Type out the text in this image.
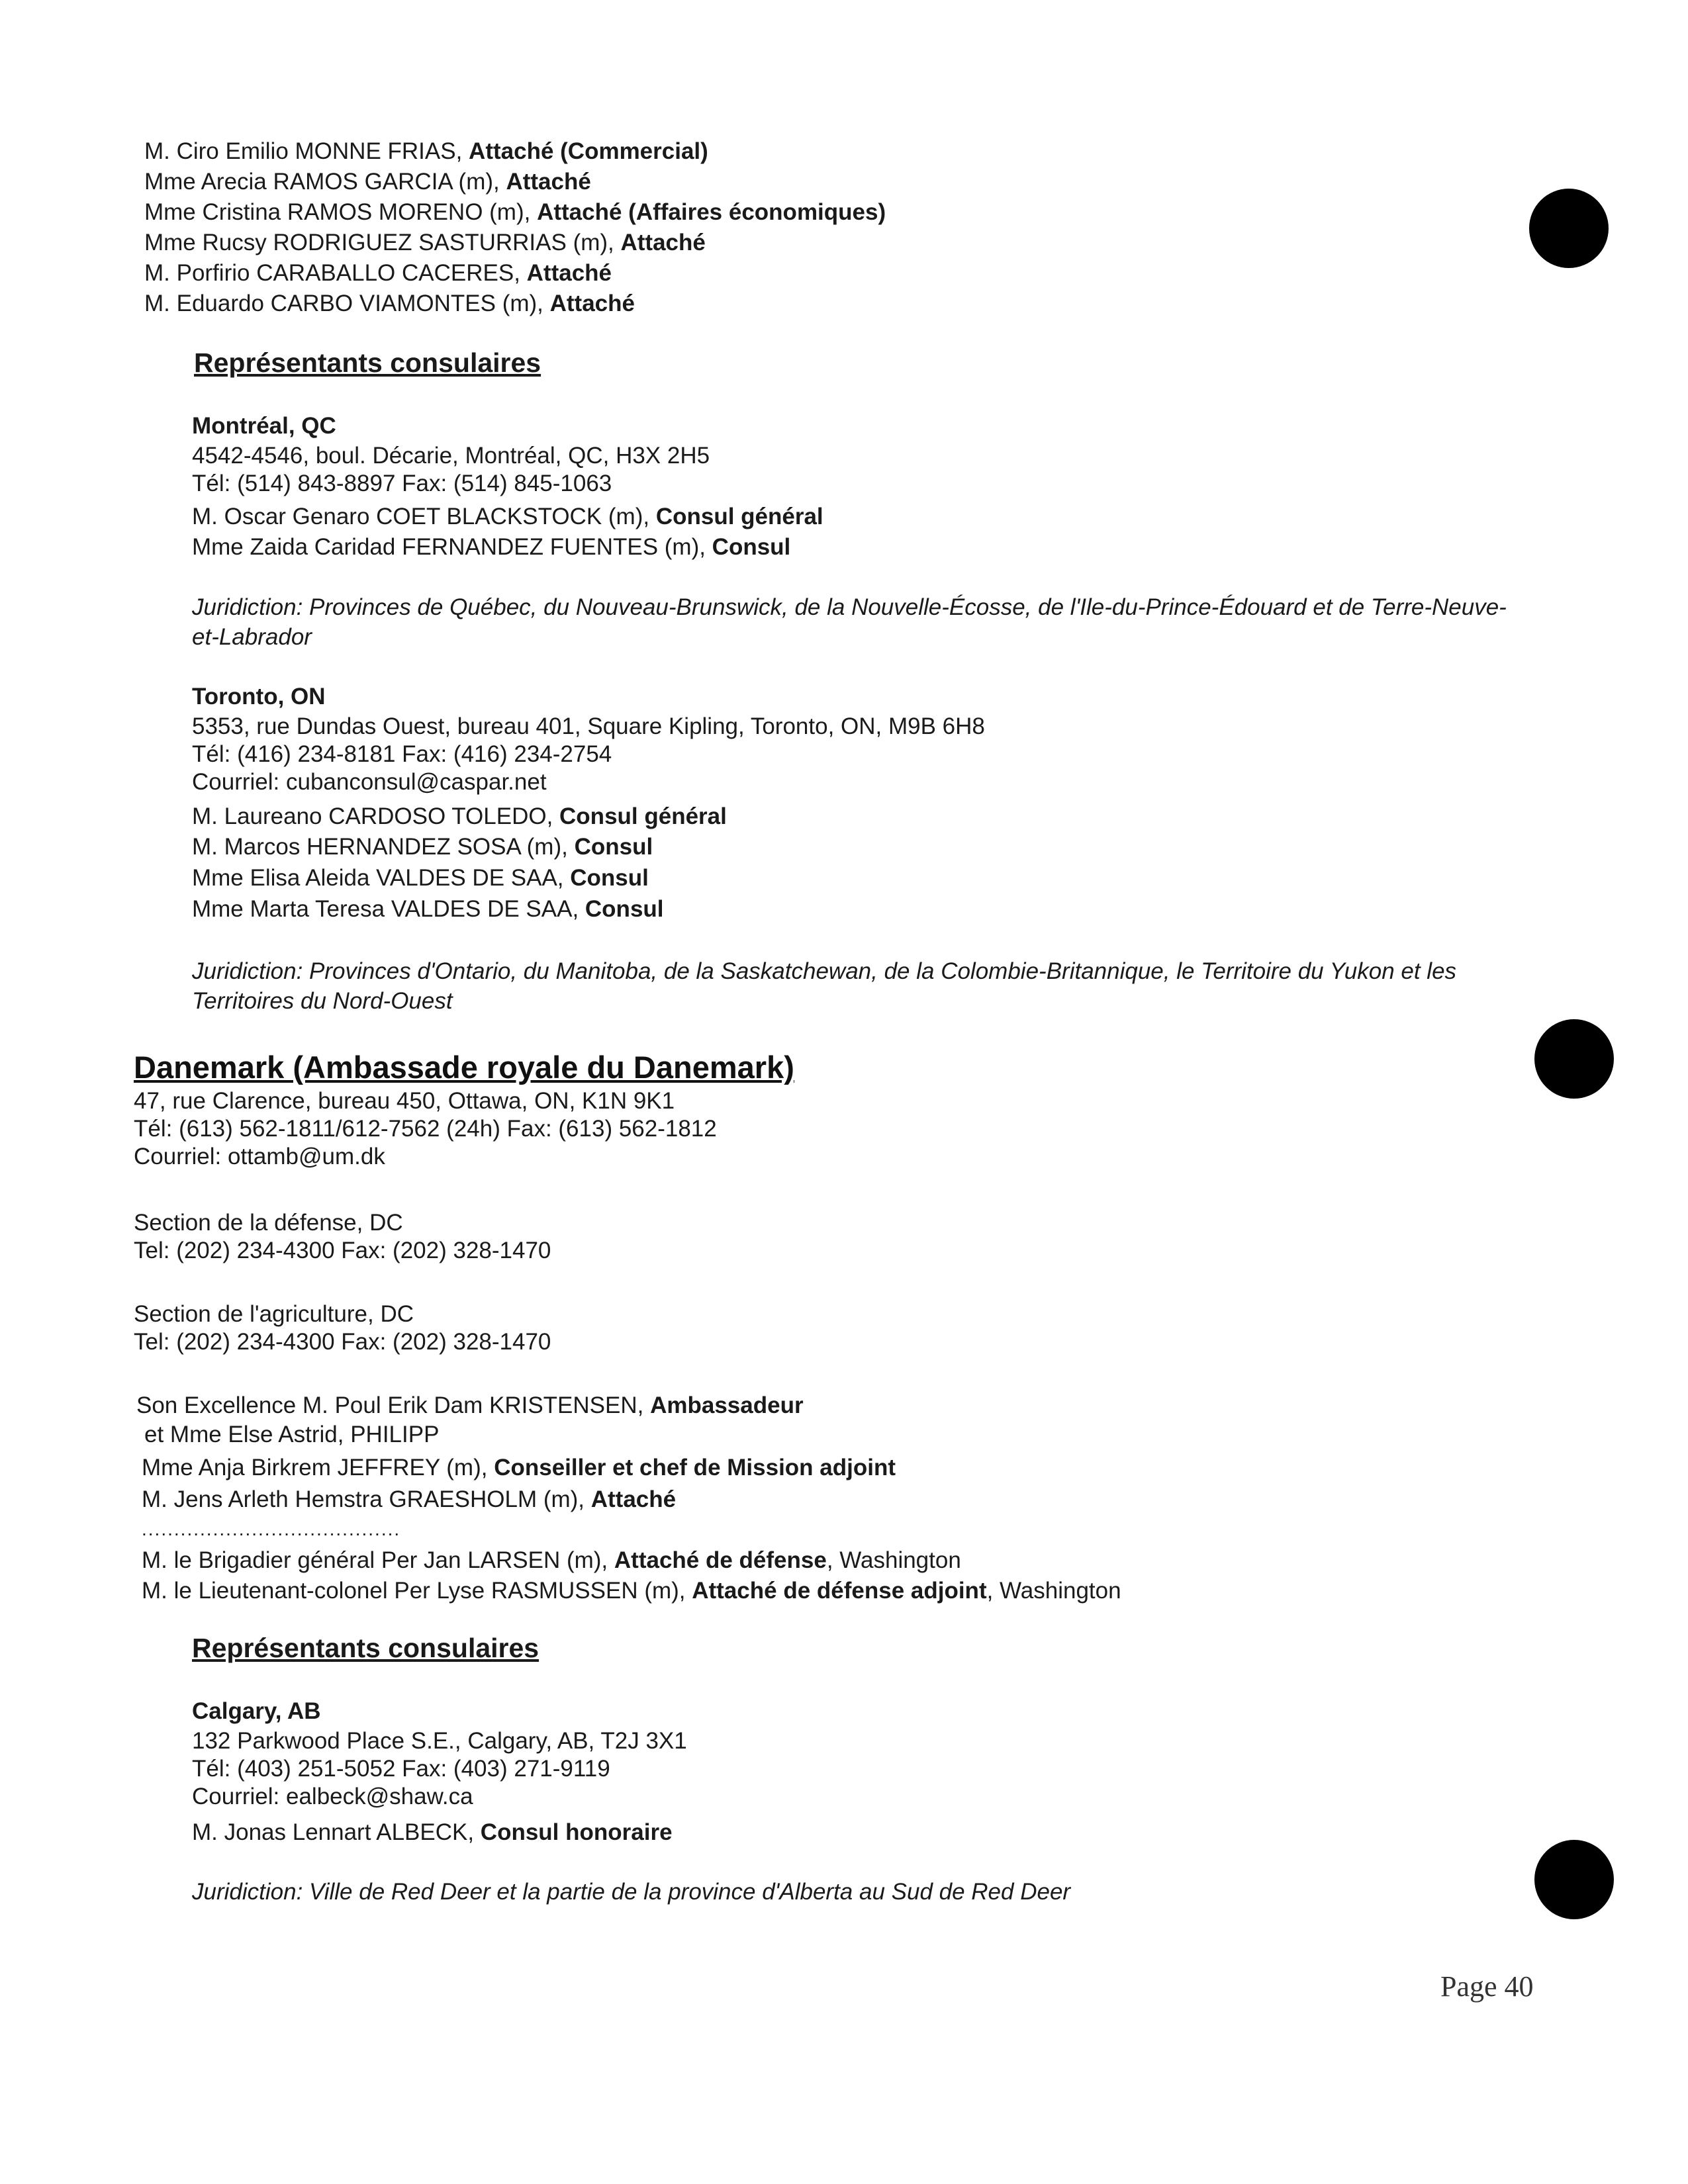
M. Ciro Emilio MONNE FRIAS, Attaché (Commercial)
Mme Arecia RAMOS GARCIA (m), Attaché
Mme Cristina RAMOS MORENO (m), Attaché (Affaires économiques)
Mme Rucsy RODRIGUEZ SASTURRIAS (m), Attaché
M. Porfirio CARABALLO CACERES, Attaché
M. Eduardo CARBO VIAMONTES (m), Attaché
Représentants consulaires
Montréal, QC
4542-4546, boul. Décarie, Montréal, QC, H3X 2H5
Tél: (514) 843-8897 Fax: (514) 845-1063
M. Oscar Genaro COET BLACKSTOCK (m), Consul général
Mme Zaida Caridad FERNANDEZ FUENTES (m), Consul
Juridiction: Provinces de Québec, du Nouveau-Brunswick, de la Nouvelle-Écosse, de l'Ile-du-Prince-Édouard et de Terre-Neuve- et-Labrador
Toronto, ON
5353, rue Dundas Ouest, bureau 401, Square Kipling, Toronto, ON, M9B 6H8
Tél: (416) 234-8181 Fax: (416) 234-2754
Courriel: cubanconsul@caspar.net
M. Laureano CARDOSO TOLEDO, Consul général
M. Marcos HERNANDEZ SOSA (m), Consul
Mme Elisa Aleida VALDES DE SAA, Consul
Mme Marta Teresa VALDES DE SAA, Consul
Juridiction: Provinces d'Ontario, du Manitoba, de la Saskatchewan, de la Colombie-Britannique, le Territoire du Yukon et les Territoires du Nord-Ouest
Danemark (Ambassade royale du Danemark)
47, rue Clarence, bureau 450, Ottawa, ON, K1N 9K1
Tél: (613) 562-1811/612-7562 (24h) Fax: (613) 562-1812
Courriel: ottamb@um.dk
Section de la défense, DC
Tel: (202) 234-4300 Fax: (202) 328-1470
Section de l'agriculture, DC
Tel: (202) 234-4300 Fax: (202) 328-1470
Son Excellence M. Poul Erik Dam KRISTENSEN, Ambassadeur
et Mme Else Astrid, PHILIPP
Mme Anja Birkrem JEFFREY (m), Conseiller et chef de Mission adjoint
M. Jens Arleth Hemstra GRAESHOLM (m), Attaché
........................................
M. le Brigadier général Per Jan LARSEN (m), Attaché de défense, Washington
M. le Lieutenant-colonel Per Lyse RASMUSSEN (m), Attaché de défense adjoint, Washington
Représentants consulaires
Calgary, AB
132 Parkwood Place S.E., Calgary, AB, T2J 3X1
Tél: (403) 251-5052 Fax: (403) 271-9119
Courriel: ealbeck@shaw.ca
M. Jonas Lennart ALBECK, Consul honoraire
Juridiction: Ville de Red Deer et la partie de la province d'Alberta au Sud de Red Deer
Page 40
